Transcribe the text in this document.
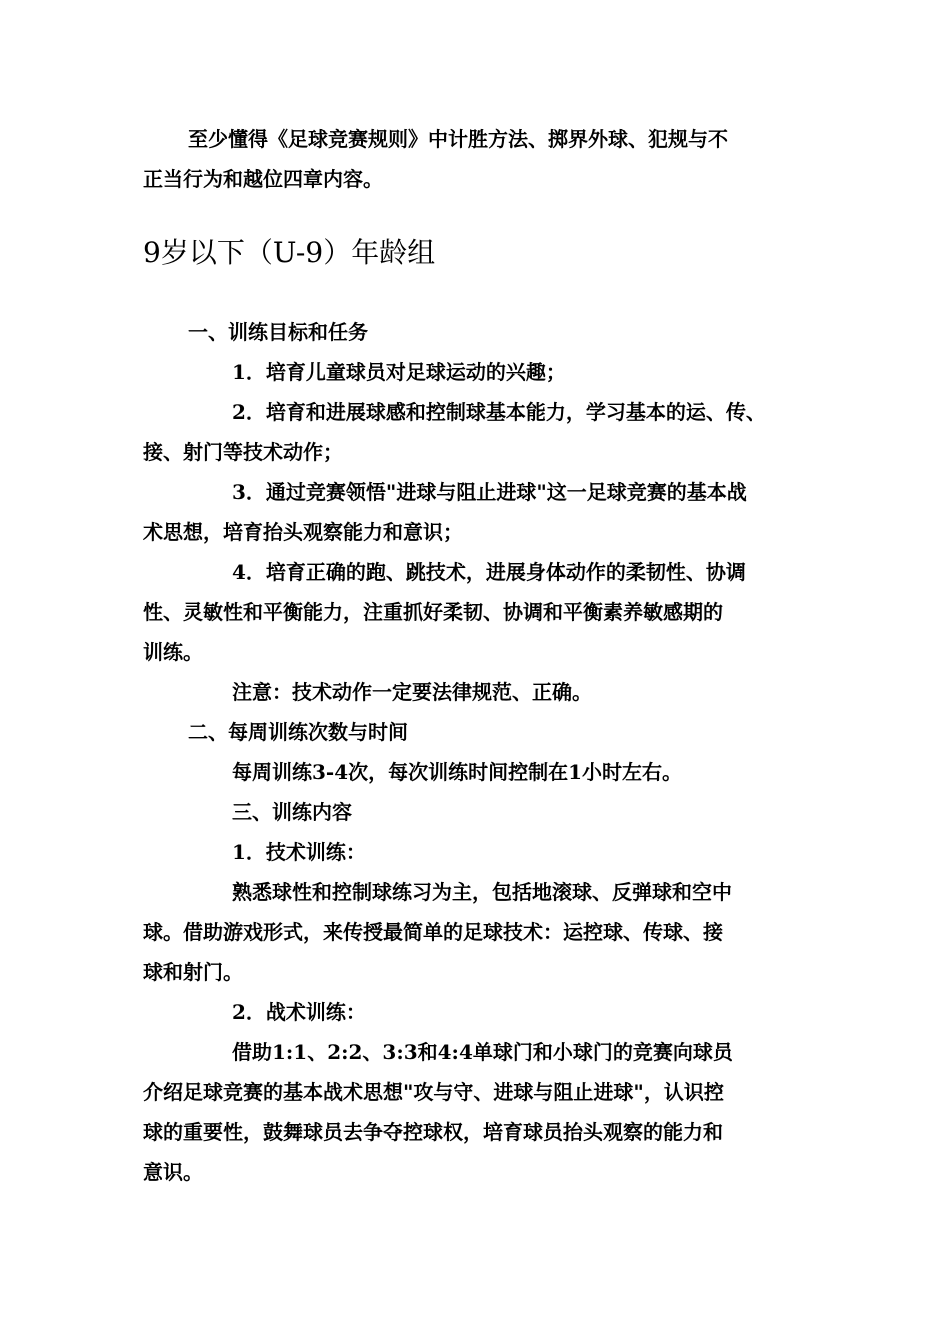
至少懂得《足球竞赛规则》中计胜方法、掷界外球、犯规与不
正当行为和越位四章内容。
9岁以下（U-9）年龄组
一、训练目标和任务
1．培育儿童球员对足球运动的兴趣；
2．培育和进展球感和控制球基本能力，学习基本的运、传、
接、射门等技术动作；
3．通过竞赛领悟"进球与阻止进球"这一足球竞赛的基本战
术思想，培育抬头观察能力和意识；
4．培育正确的跑、跳技术，进展身体动作的柔韧性、协调
性、灵敏性和平衡能力，注重抓好柔韧、协调和平衡素养敏感期的
训练。
注意：技术动作一定要法律规范、正确。
二、每周训练次数与时间
每周训练3-4次，每次训练时间控制在1小时左右。
三、训练内容
1．技术训练：
熟悉球性和控制球练习为主，包括地滚球、反弹球和空中
球。借助游戏形式，来传授最简单的足球技术：运控球、传球、接
球和射门。
2．战术训练：
借助1:1、2:2、3:3和4:4单球门和小球门的竞赛向球员
介绍足球竞赛的基本战术思想"攻与守、进球与阻止进球"，认识控
球的重要性，鼓舞球员去争夺控球权，培育球员抬头观察的能力和
意识。
